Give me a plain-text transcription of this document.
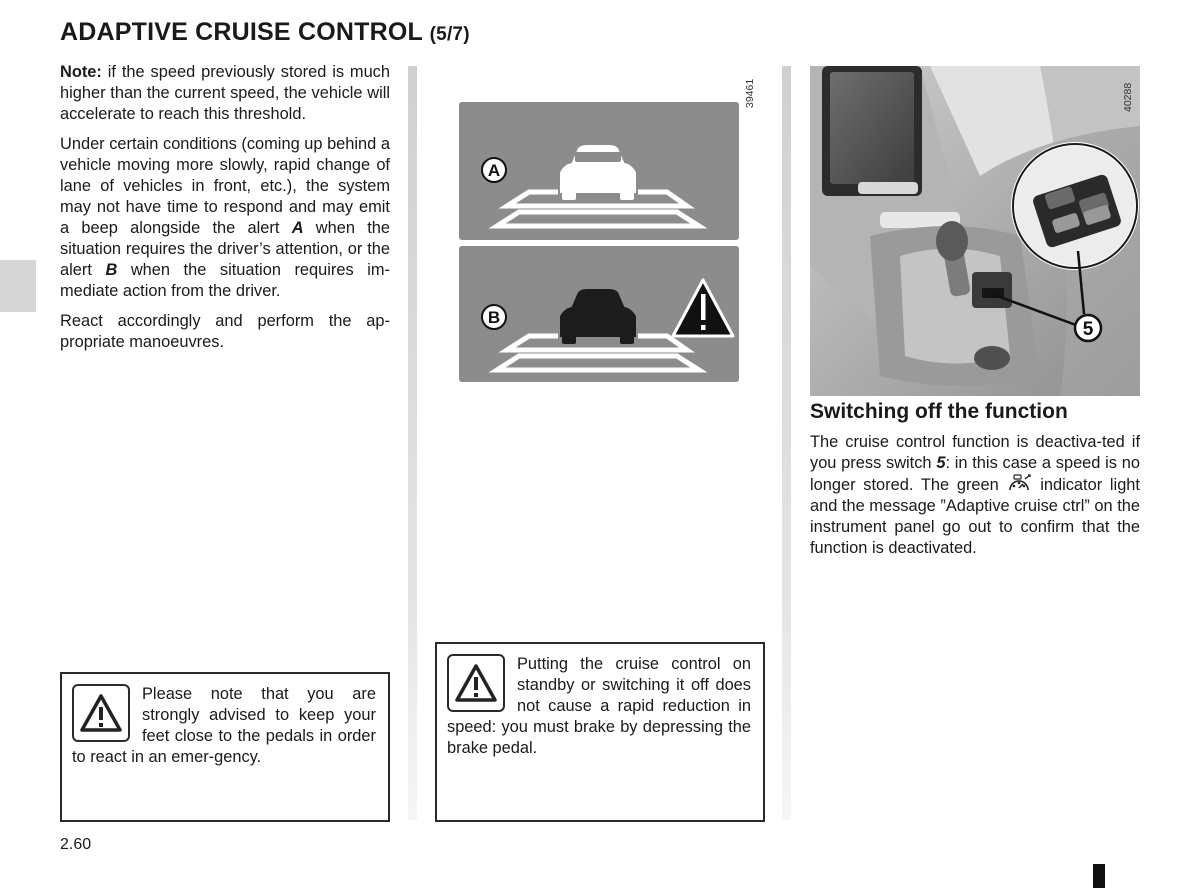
ADAPTIVE CRUISE CONTROL (5/7)

Note: if the speed previously stored is much higher than the current speed, the vehicle will accelerate to reach this threshold.

Under certain conditions (coming up behind a vehicle moving more slowly, rapid change of lane of vehicles in front, etc.), the system may not have time to respond and may emit a beep alongside the alert A when the situation requires the driver’s attention, or the alert B when the situation requires im-mediate action from the driver.

React accordingly and perform the ap-propriate manoeuvres.

Please note that you are strongly advised to keep your feet close to the pedals in order to react in an emer-gency.
A
B
39461
Putting the cruise control on standby or switching it off does not cause a rapid reduction in speed: you must brake by depressing the brake pedal.
5
40288
Switching off the function

The cruise control function is deactiva-ted if you press switch 5: in this case a speed is no longer stored. The green  indicator light and the message ”Adaptive cruise ctrl” on the instrument panel go out to confirm that the function is deactivated.

2.60
